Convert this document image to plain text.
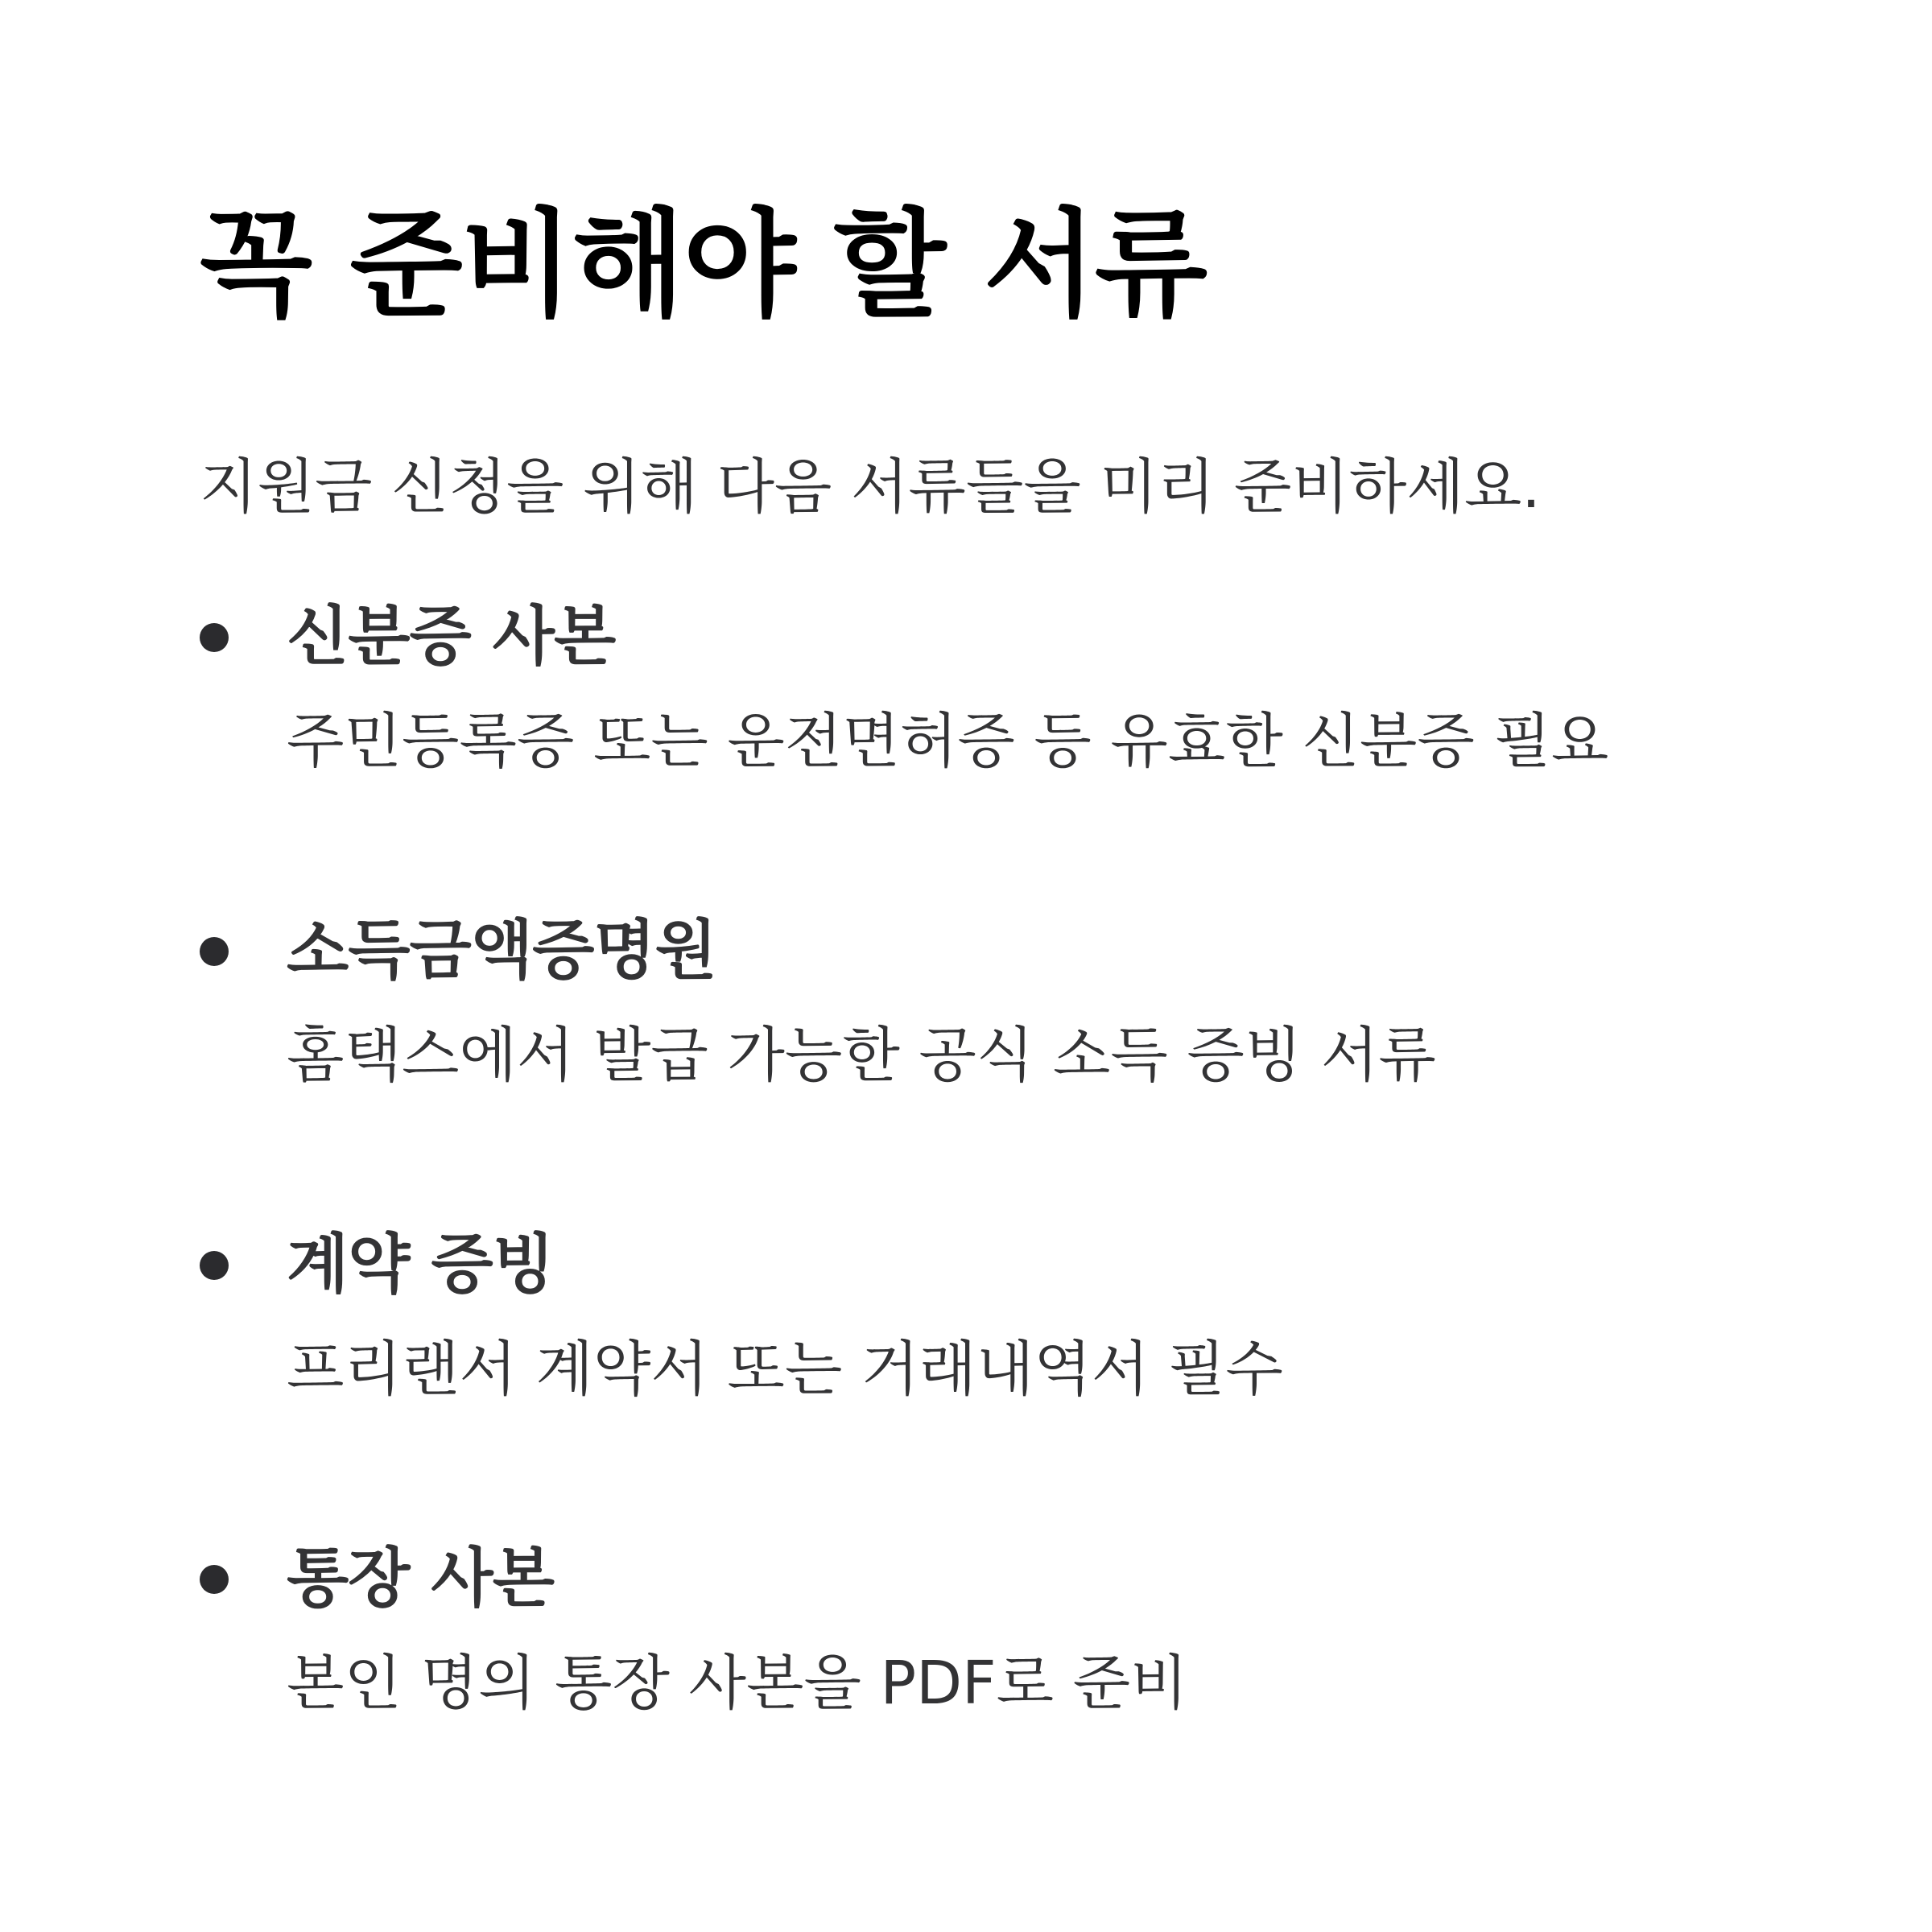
꼭 준비해야 할 서류

지원금 신청을 위해 다음 서류들을 미리 준비하세요.

신분증 사본
주민등록증 또는 운전면허증 등 유효한 신분증 필요
소득금액증명원
홈택스에서 발급 가능한 공식 소득 증빙 서류
계약 증빙
프리랜서 계약서 또는 거래내역서 필수
통장 사본
본인 명의 통장 사본을 PDF로 준비
